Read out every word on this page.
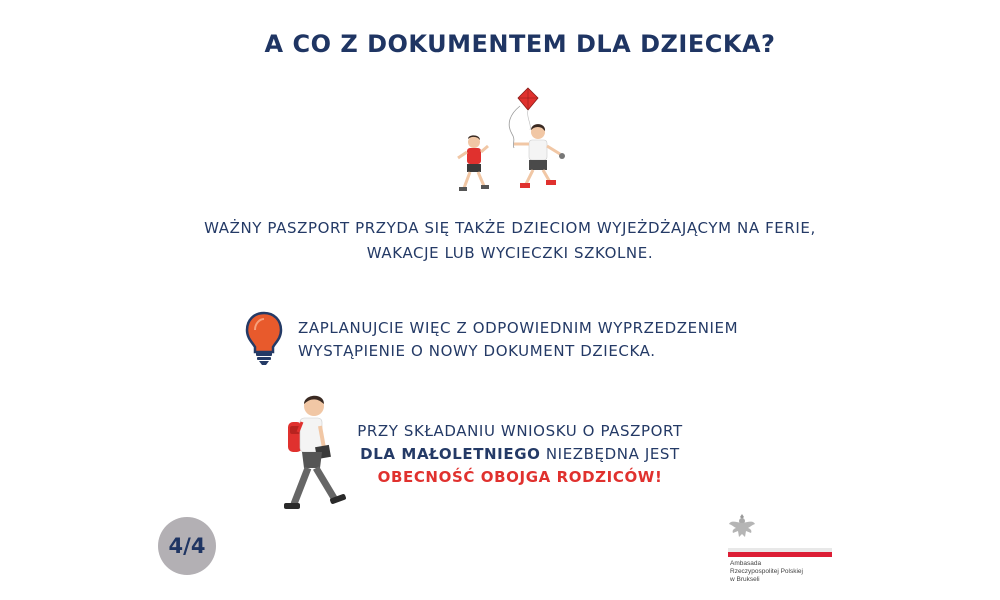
A CO Z DOKUMENTEM DLA DZIECKA?
WAŻNY PASZPORT PRZYDA SIĘ TAKŻE DZIECIOM WYJEŻDŻAJĄCYM NA FERIE,
WAKACJE LUB WYCIECZKI SZKOLNE.
ZAPLANUJCIE WIĘC Z ODPOWIEDNIM WYPRZEDZENIEM
WYSTĄPIENIE O NOWY DOKUMENT DZIECKA.
PRZY SKŁADANIU WNIOSKU O PASZPORT
DLA MAŁOLETNIEGO NIEZBĘDNA JEST
OBECNOŚĆ OBOJGA RODZICÓW!
4/4
Ambasada
Rzeczypospolitej Polskiej
w Brukseli
